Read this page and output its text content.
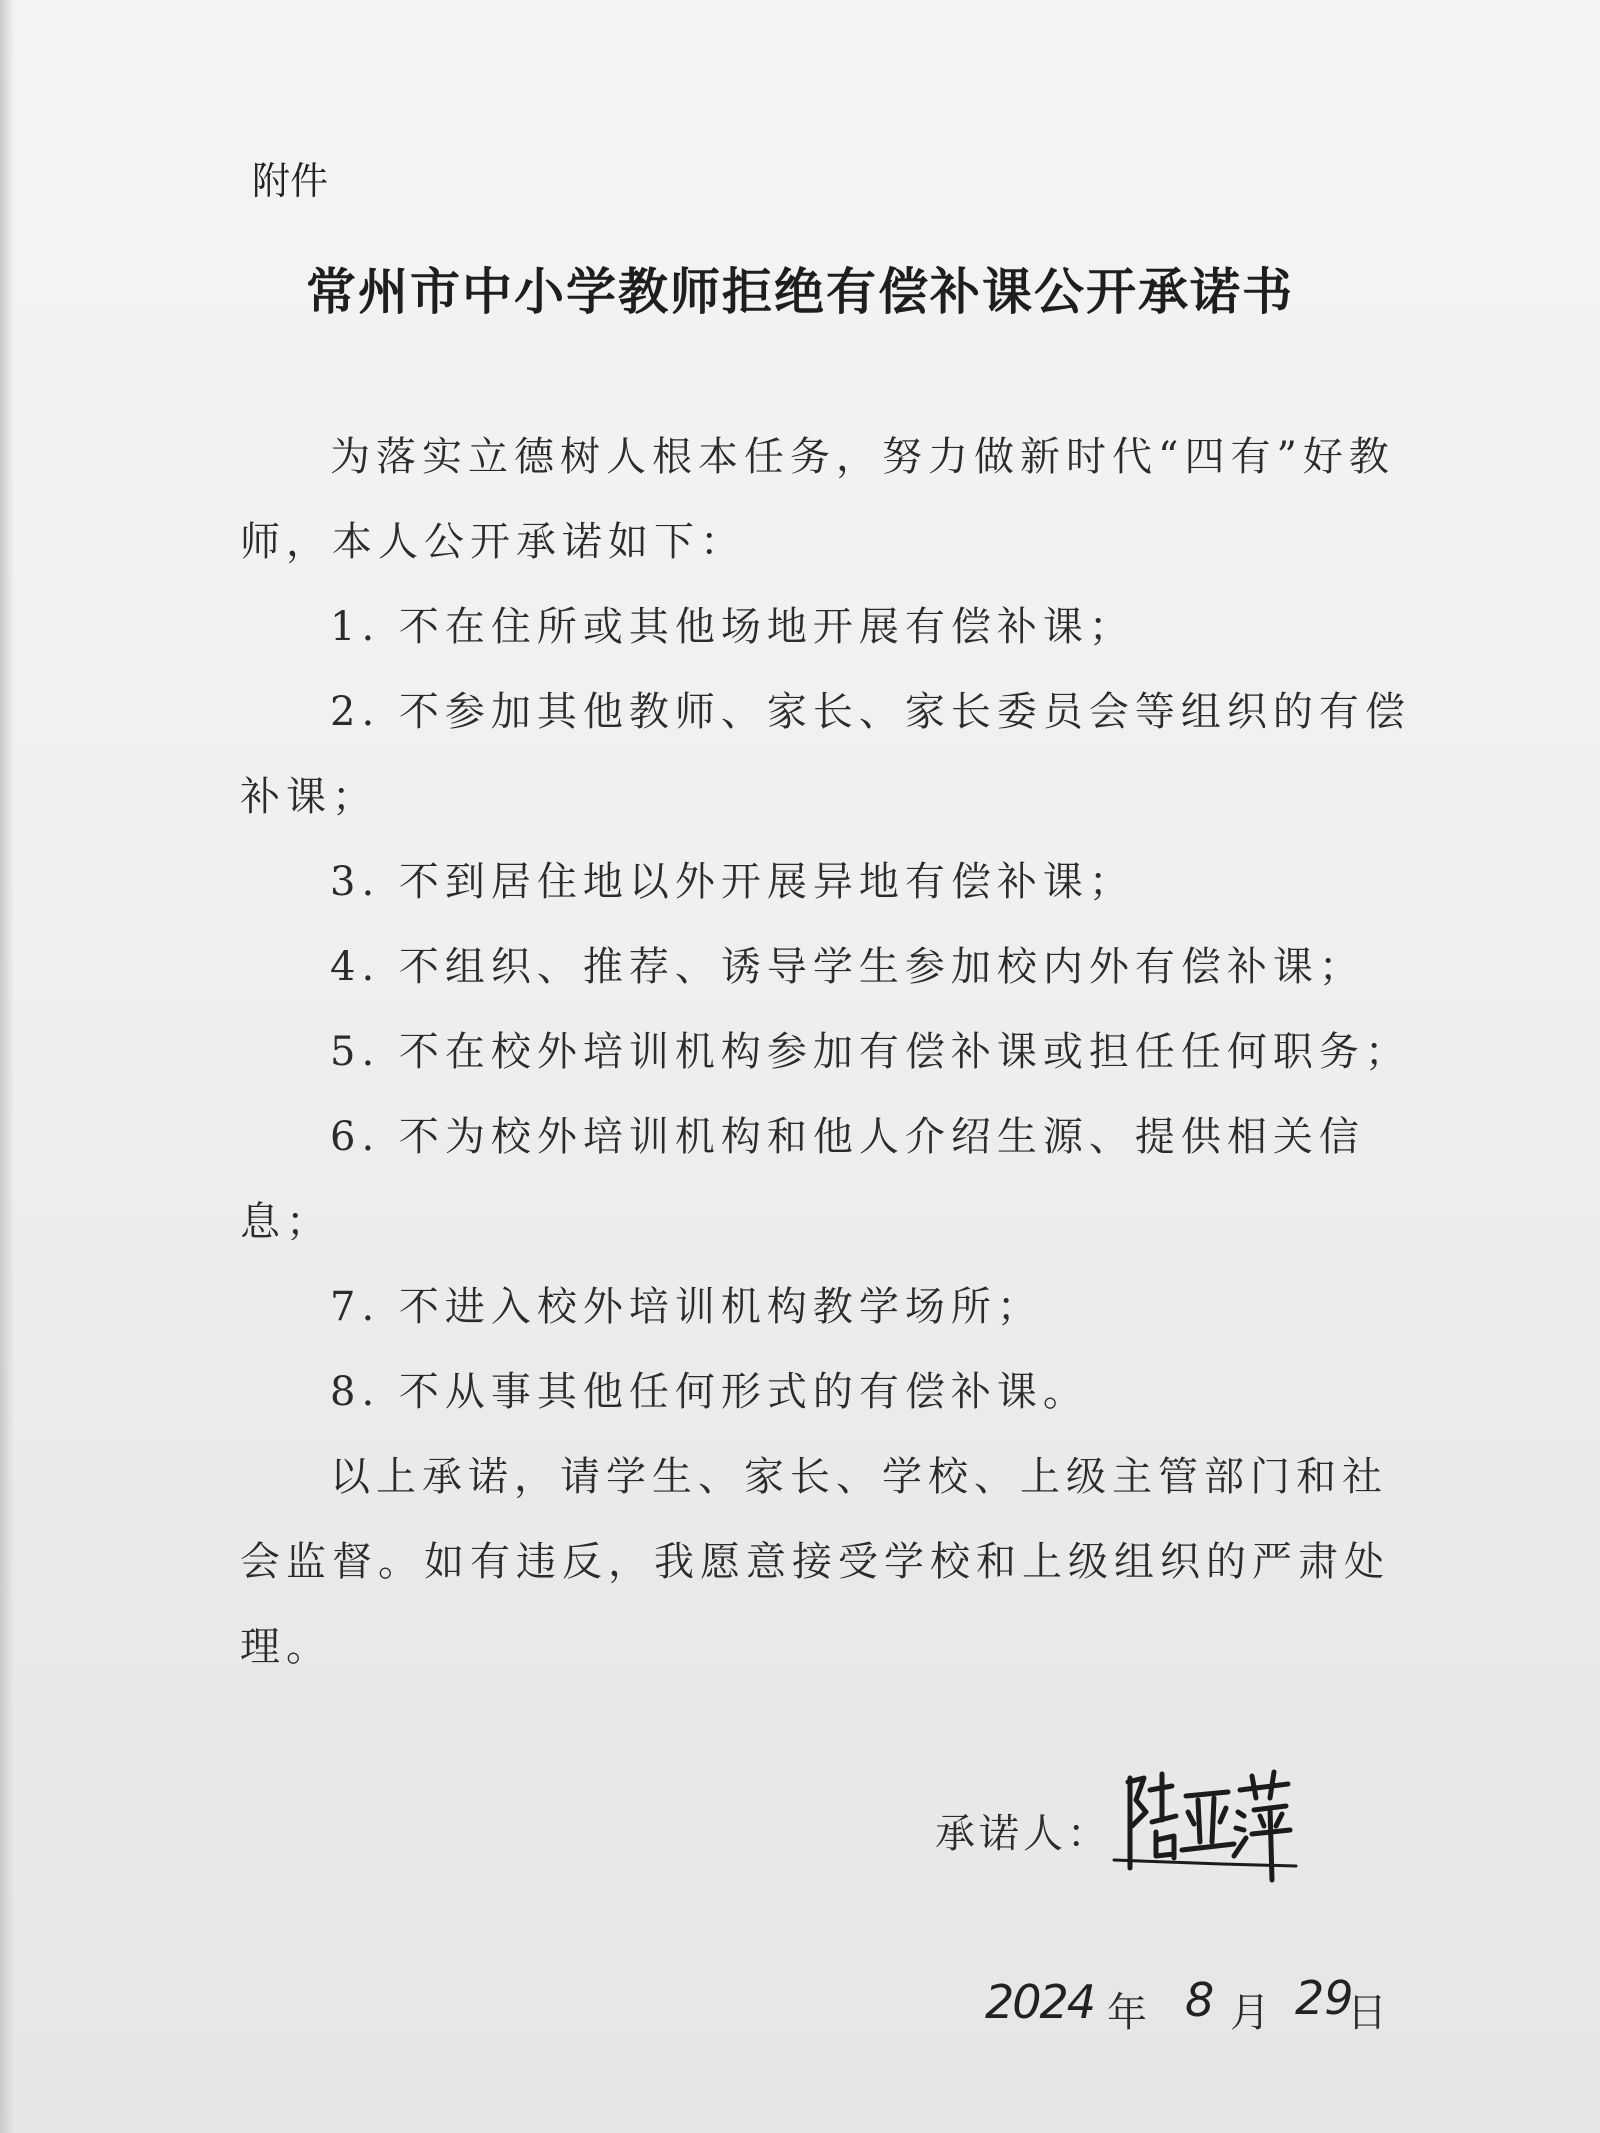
附件
常州市中小学教师拒绝有偿补课公开承诺书

为落实立德树人根本任务，努力做新时代“四有”好教师，本人公开承诺如下：

1. 不在住所或其他场地开展有偿补课；

2. 不参加其他教师、家长、家长委员会等组织的有偿补课；

3. 不到居住地以外开展异地有偿补课；

4. 不组织、推荐、诱导学生参加校内外有偿补课；

5. 不在校外培训机构参加有偿补课或担任任何职务；

6. 不为校外培训机构和他人介绍生源、提供相关信息；

7. 不进入校外培训机构教学场所；

8. 不从事其他任何形式的有偿补课。

以上承诺，请学生、家长、学校、上级主管部门和社会监督。如有违反，我愿意接受学校和上级组织的严肃处理。

承诺人：
2024 年 8 月 29
日
